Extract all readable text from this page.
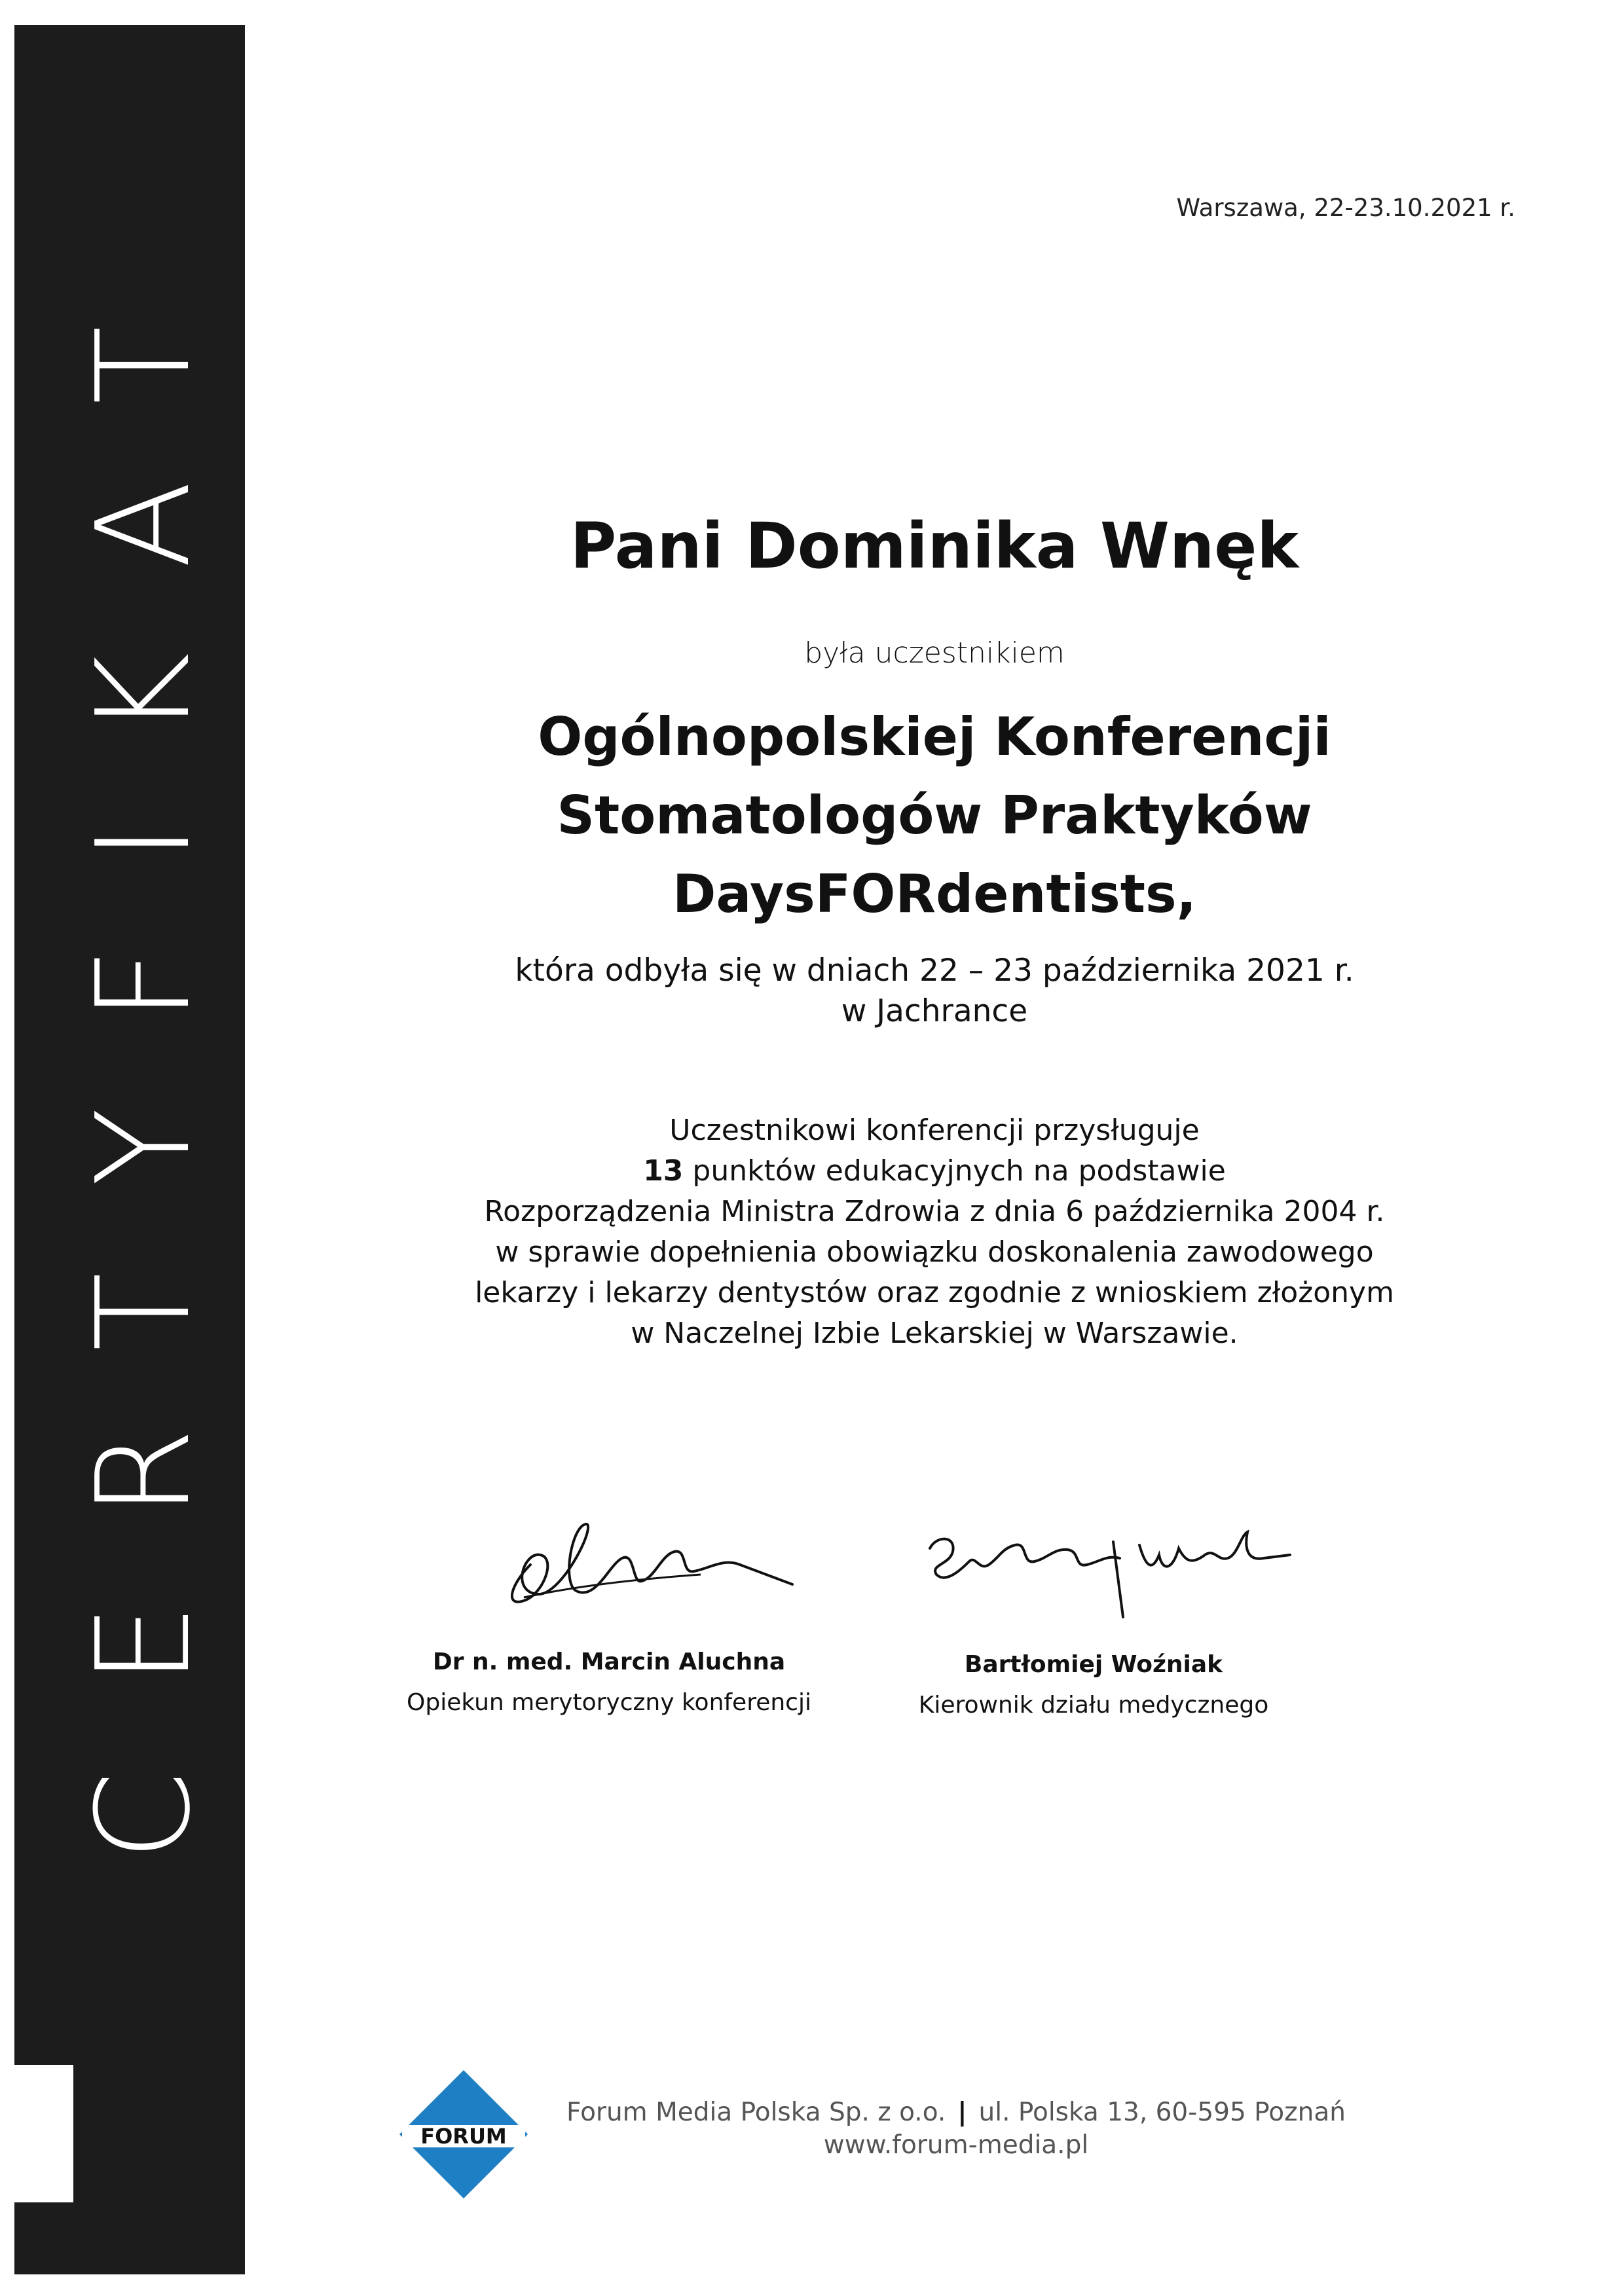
CERTYFIKAT
Warszawa, 22-23.10.2021 r.
Pani Dominika Wnęk
była uczestnikiem
Ogólnopolskiej Konferencji
Stomatologów Praktyków
DaysFORdentists,
która odbyła się w dniach 22 – 23 października 2021 r.
w Jachrance
Uczestnikowi konferencji przysługuje
13 punktów edukacyjnych na podstawie
Rozporządzenia Ministra Zdrowia z dnia 6 października 2004 r.
w sprawie dopełnienia obowiązku doskonalenia zawodowego
lekarzy i lekarzy dentystów oraz zgodnie z wnioskiem złożonym
w Naczelnej Izbie Lekarskiej w Warszawie.
Dr n. med. Marcin Aluchna
Opiekun merytoryczny konferencji
Bartłomiej Woźniak
Kierownik działu medycznego
FORUM
Forum Media Polska Sp. z o.o. | ul. Polska 13, 60-595 Poznań
www.forum-media.pl
